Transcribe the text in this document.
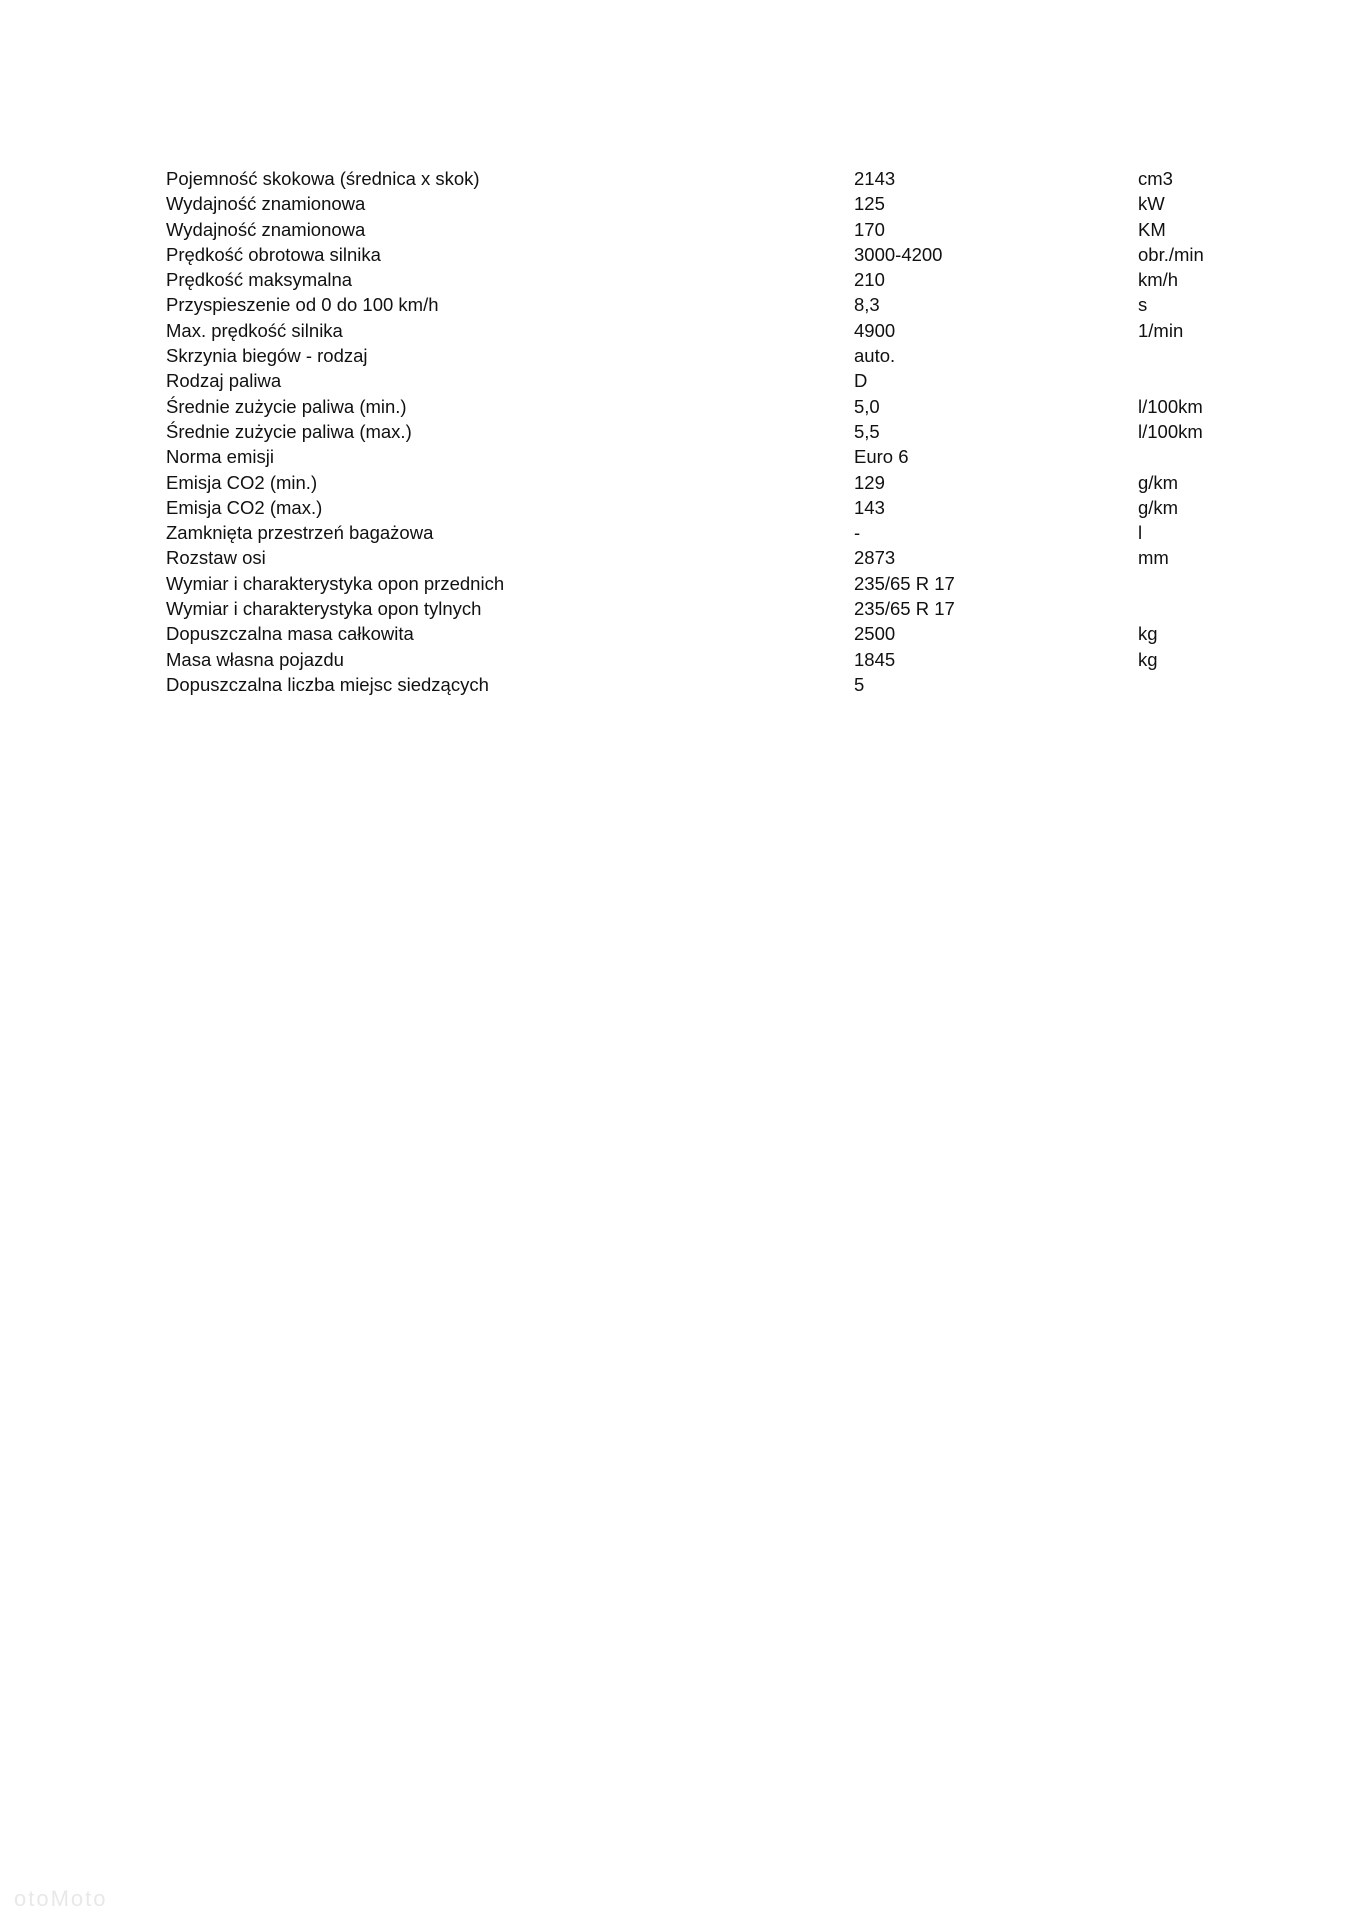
Pojemność skokowa (średnica x skok)	2143	cm3
Wydajność znamionowa	125	kW
Wydajność znamionowa	170	KM
Prędkość obrotowa silnika	3000-4200	obr./min
Prędkość maksymalna	210	km/h
Przyspieszenie od 0 do 100 km/h	8,3	s
Max. prędkość silnika	4900	1/min
Skrzynia biegów - rodzaj	auto.
Rodzaj paliwa	D
Średnie zużycie paliwa (min.)	5,0	l/100km
Średnie zużycie paliwa (max.)	5,5	l/100km
Norma emisji	Euro 6
Emisja CO2 (min.)	129	g/km
Emisja CO2 (max.)	143	g/km
Zamknięta przestrzeń bagażowa	-	l
Rozstaw osi	2873	mm
Wymiar i charakterystyka opon przednich	235/65 R 17
Wymiar i charakterystyka opon tylnych	235/65 R 17
Dopuszczalna masa całkowita	2500	kg
Masa własna pojazdu	1845	kg
Dopuszczalna liczba miejsc siedzących	5
otoMoto
